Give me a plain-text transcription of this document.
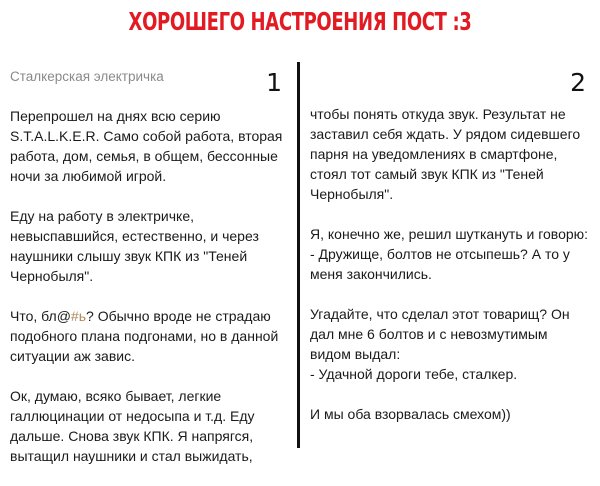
ХОРОШЕГО НАСТРОЕНИЯ ПОСТ :3
Сталкерская электричка	1

Перепрошел на днях всю серию S.T.A.L.K.E.R. Само собой работа, вторая работа, дом, семья, в общем, бессонные ночи за любимой игрой.

Еду на работу в электричке, невыспавшийся, естественно, и через наушники слышу звук КПК из "Теней Чернобыля".

Что, бл@#ь? Обычно вроде не страдаю подобного плана подгонами, но в данной ситуации аж завис.

Ок, думаю, всяко бывает, легкие галлюцинации от недосыпа и т.д. Еду дальше. Снова звук КПК. Я напрягся, вытащил наушники и стал выжидать,

2

чтобы понять откуда звук. Результат не заставил себя ждать. У рядом сидевшего парня на уведомлениях в смартфоне, стоял тот самый звук КПК из "Теней Чернобыля".

Я, конечно же, решил шуткануть и говорю:
- Дружище, болтов не отсыпешь? А то у меня закончились.

Угадайте, что сделал этот товарищ? Он дал мне 6 болтов и с невозмутимым видом выдал:
- Удачной дороги тебе, сталкер.

И мы оба взорвалась смехом))
